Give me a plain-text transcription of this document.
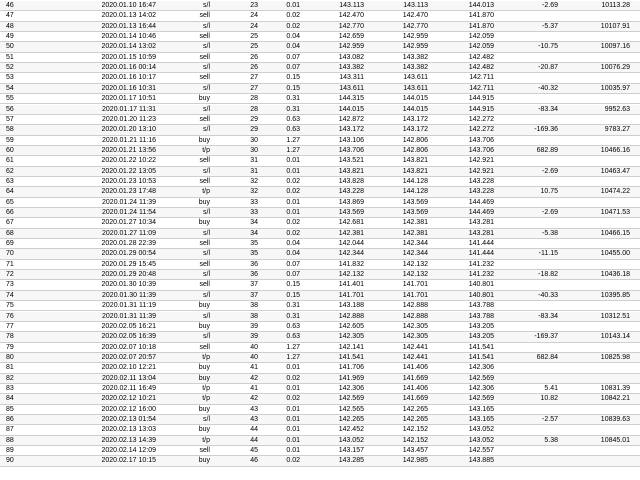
46	2020.01.10 16:47	s/l	23	0.01	143.113	143.113	144.013	-2.69	10113.28
47	2020.01.13 14:02	sell	24	0.02	142.470	142.470	141.870
48	2020.01.13 16:44	s/l	24	0.02	142.770	142.770	141.870	-5.37	10107.91
49	2020.01.14 10:46	sell	25	0.04	142.659	142.959	142.059
50	2020.01.14 13:02	s/l	25	0.04	142.959	142.959	142.059	-10.75	10097.16
51	2020.01.15 10:59	sell	26	0.07	143.082	143.382	142.482
52	2020.01.16 00:14	s/l	26	0.07	143.382	143.382	142.482	-20.87	10076.29
53	2020.01.16 10:17	sell	27	0.15	143.311	143.611	142.711
54	2020.01.16 10:31	s/l	27	0.15	143.611	143.611	142.711	-40.32	10035.97
55	2020.01.17 10:51	buy	28	0.31	144.315	144.015	144.915
56	2020.01.17 11:31	s/l	28	0.31	144.015	144.015	144.915	-83.34	9952.63
57	2020.01.20 11:23	sell	29	0.63	142.872	143.172	142.272
58	2020.01.20 13:10	s/l	29	0.63	143.172	143.172	142.272	-169.36	9783.27
59	2020.01.21 11:16	buy	30	1.27	143.106	142.806	143.706
60	2020.01.21 13:56	t/p	30	1.27	143.706	142.806	143.706	682.89	10466.16
61	2020.01.22 10:22	sell	31	0.01	143.521	143.821	142.921
62	2020.01.22 13:05	s/l	31	0.01	143.821	143.821	142.921	-2.69	10463.47
63	2020.01.23 10:53	sell	32	0.02	143.828	144.128	143.228
64	2020.01.23 17:48	t/p	32	0.02	143.228	144.128	143.228	10.75	10474.22
65	2020.01.24 11:39	buy	33	0.01	143.869	143.569	144.469
66	2020.01.24 11:54	s/l	33	0.01	143.569	143.569	144.469	-2.69	10471.53
67	2020.01.27 10:34	buy	34	0.02	142.681	142.381	143.281
68	2020.01.27 11:09	s/l	34	0.02	142.381	142.381	143.281	-5.38	10466.15
69	2020.01.28 22:39	sell	35	0.04	142.044	142.344	141.444
70	2020.01.29 00:54	s/l	35	0.04	142.344	142.344	141.444	-11.15	10455.00
71	2020.01.29 15:45	sell	36	0.07	141.832	142.132	141.232
72	2020.01.29 20:48	s/l	36	0.07	142.132	142.132	141.232	-18.82	10436.18
73	2020.01.30 10:39	sell	37	0.15	141.401	141.701	140.801
74	2020.01.30 11:39	s/l	37	0.15	141.701	141.701	140.801	-40.33	10395.85
75	2020.01.31 11:19	buy	38	0.31	143.188	142.888	143.788
76	2020.01.31 11:39	s/l	38	0.31	142.888	142.888	143.788	-83.34	10312.51
77	2020.02.05 16:21	buy	39	0.63	142.605	142.305	143.205
78	2020.02.05 16:39	s/l	39	0.63	142.305	142.305	143.205	-169.37	10143.14
79	2020.02.07 10:18	sell	40	1.27	142.141	142.441	141.541
80	2020.02.07 20:57	t/p	40	1.27	141.541	142.441	141.541	682.84	10825.98
81	2020.02.10 12:21	buy	41	0.01	141.706	141.406	142.306
82	2020.02.11 13:04	buy	42	0.02	141.969	141.669	142.569
83	2020.02.11 16:49	t/p	41	0.01	142.306	141.406	142.306	5.41	10831.39
84	2020.02.12 10:21	t/p	42	0.02	142.569	141.669	142.569	10.82	10842.21
85	2020.02.12 16:00	buy	43	0.01	142.565	142.265	143.165
86	2020.02.13 01:54	s/l	43	0.01	142.265	142.265	143.165	-2.57	10839.63
87	2020.02.13 13:03	buy	44	0.01	142.452	142.152	143.052
88	2020.02.13 14:39	t/p	44	0.01	143.052	142.152	143.052	5.38	10845.01
89	2020.02.14 12:09	sell	45	0.01	143.157	143.457	142.557
90	2020.02.17 10:15	buy	46	0.02	143.285	142.985	143.885
